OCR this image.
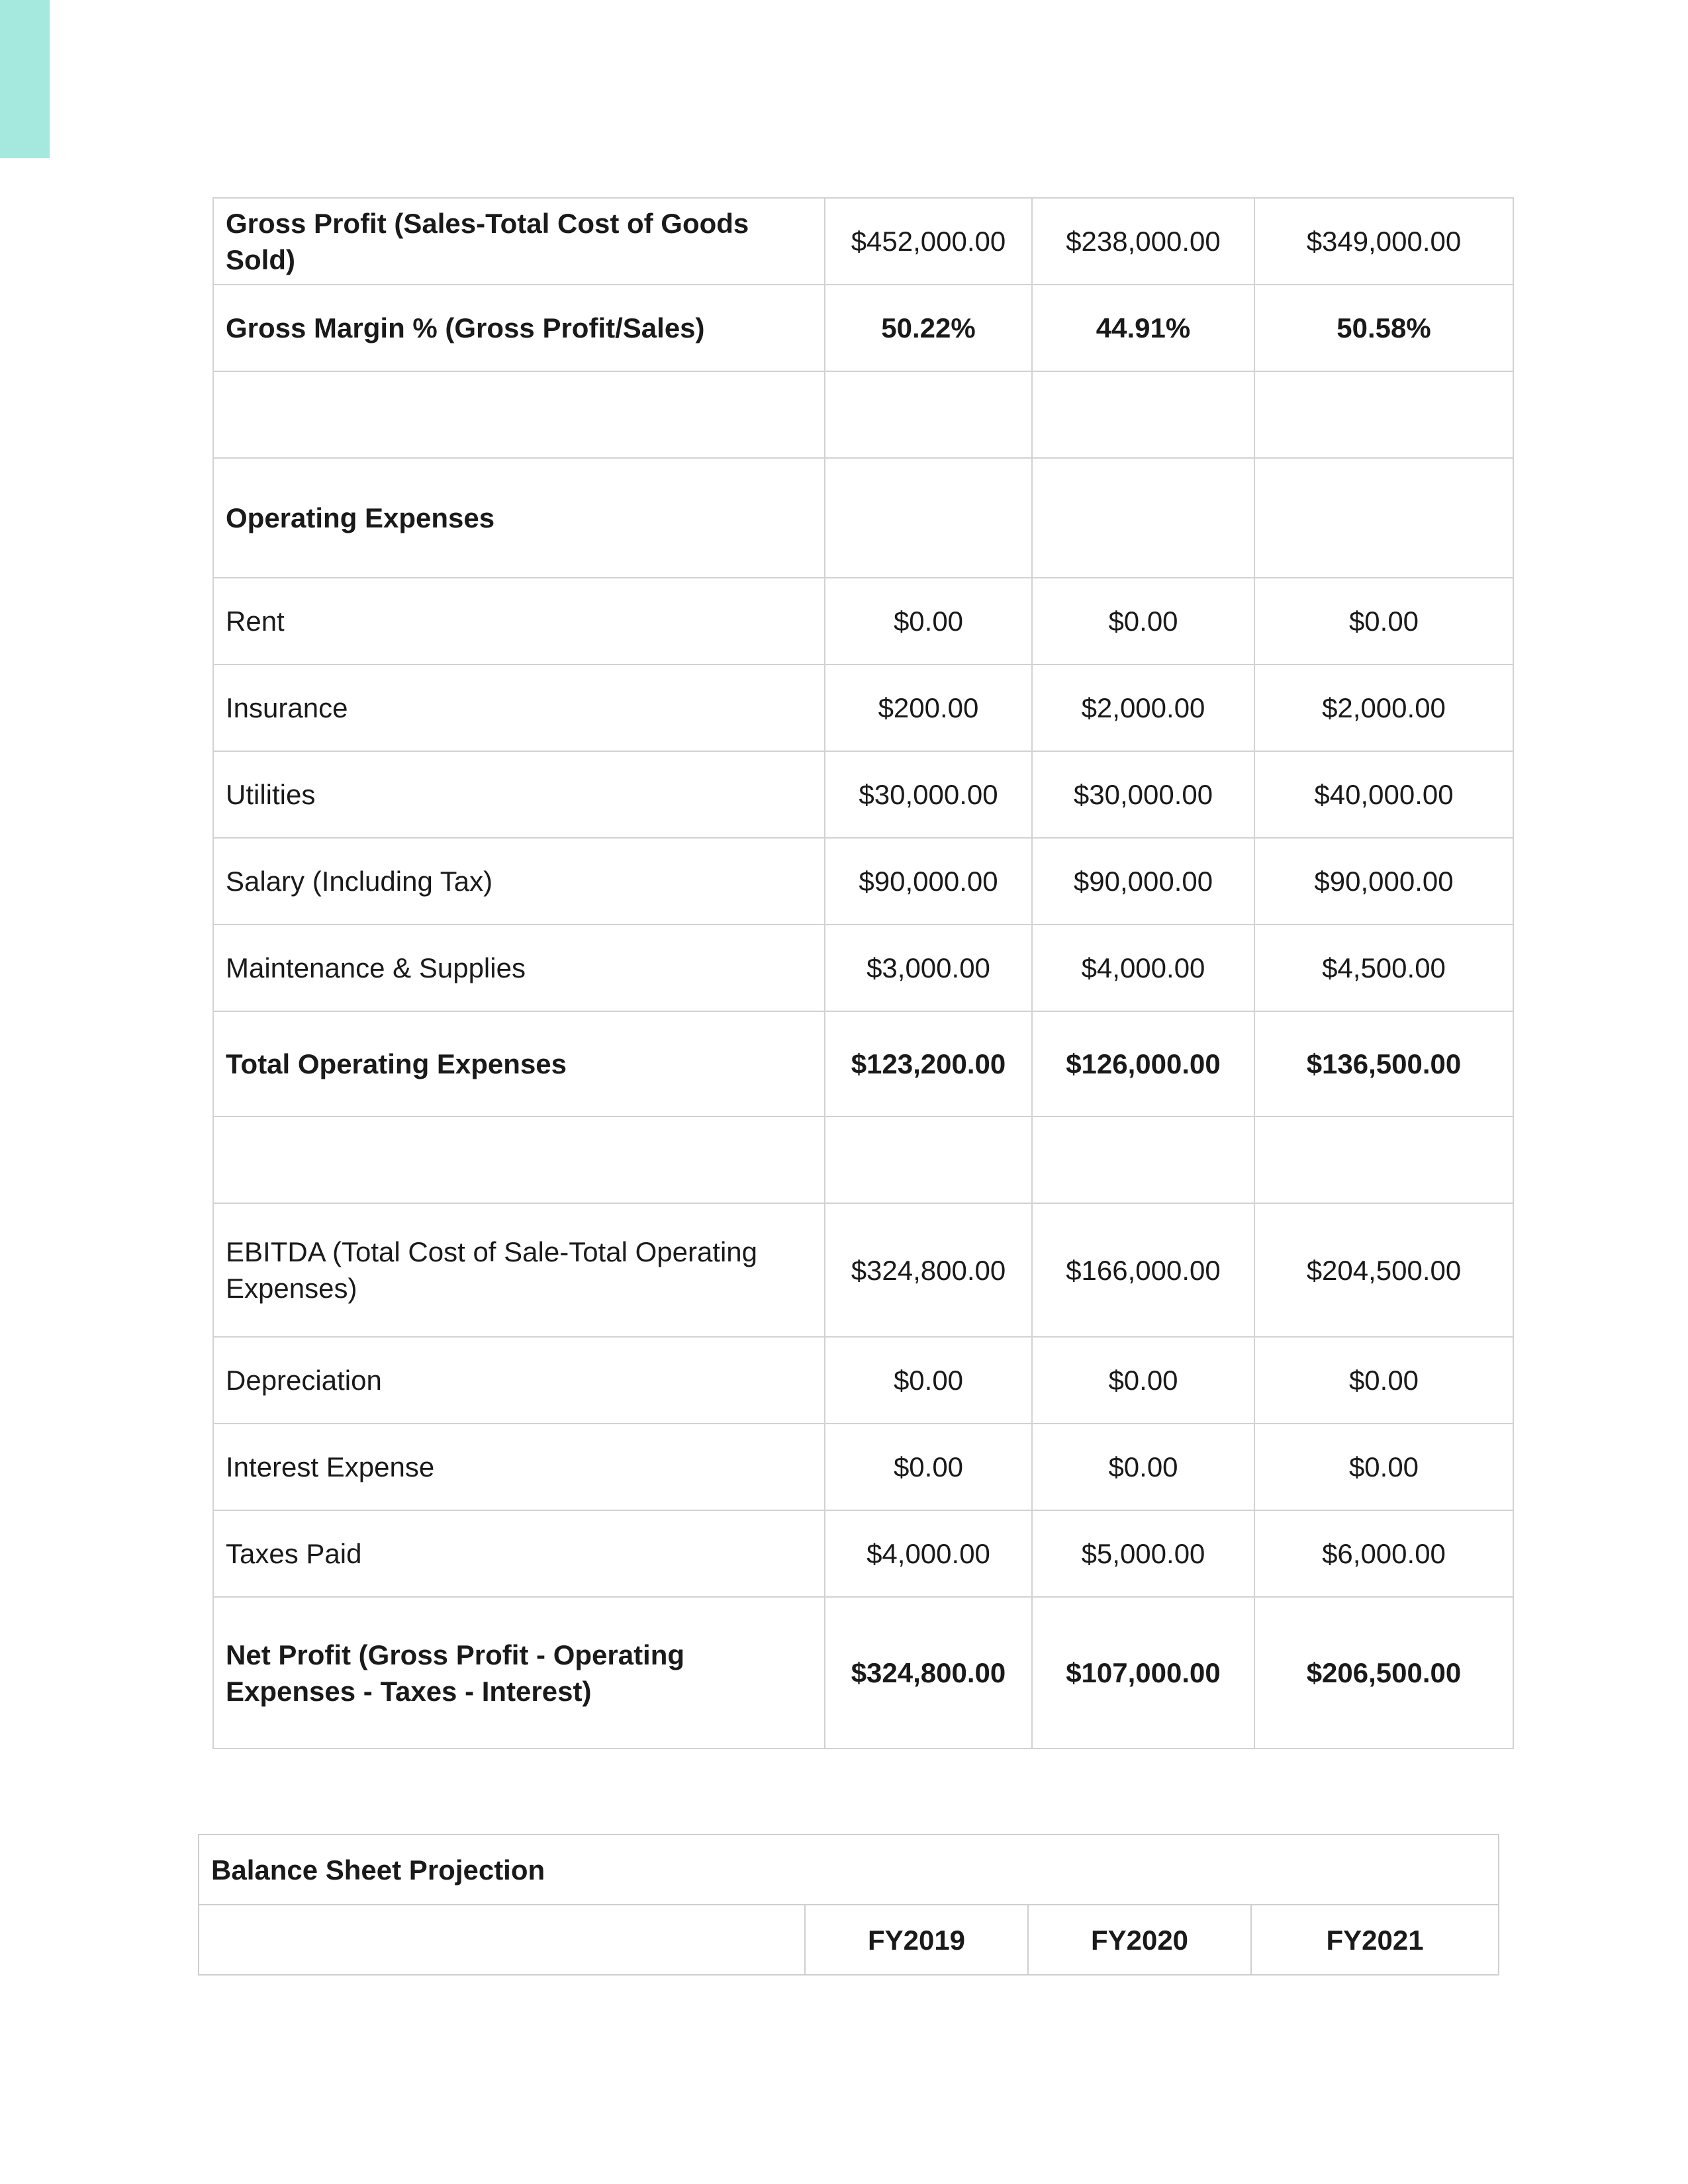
Gross Profit (Sales-Total Cost of Goods Sold)	$452,000.00	$238,000.00	$349,000.00
Gross Margin % (Gross Profit/Sales)	50.22%	44.91%	50.58%

Operating Expenses			
Rent	$0.00	$0.00	$0.00
Insurance	$200.00	$2,000.00	$2,000.00
Utilities	$30,000.00	$30,000.00	$40,000.00
Salary (Including Tax)	$90,000.00	$90,000.00	$90,000.00
Maintenance & Supplies	$3,000.00	$4,000.00	$4,500.00
Total Operating Expenses	$123,200.00	$126,000.00	$136,500.00

EBITDA (Total Cost of Sale-Total Operating Expenses)	$324,800.00	$166,000.00	$204,500.00
Depreciation	$0.00	$0.00	$0.00
Interest Expense	$0.00	$0.00	$0.00
Taxes Paid	$4,000.00	$5,000.00	$6,000.00
Net Profit (Gross Profit - Operating Expenses - Taxes - Interest)	$324,800.00	$107,000.00	$206,500.00
Balance Sheet Projection
	FY2019	FY2020	FY2021
